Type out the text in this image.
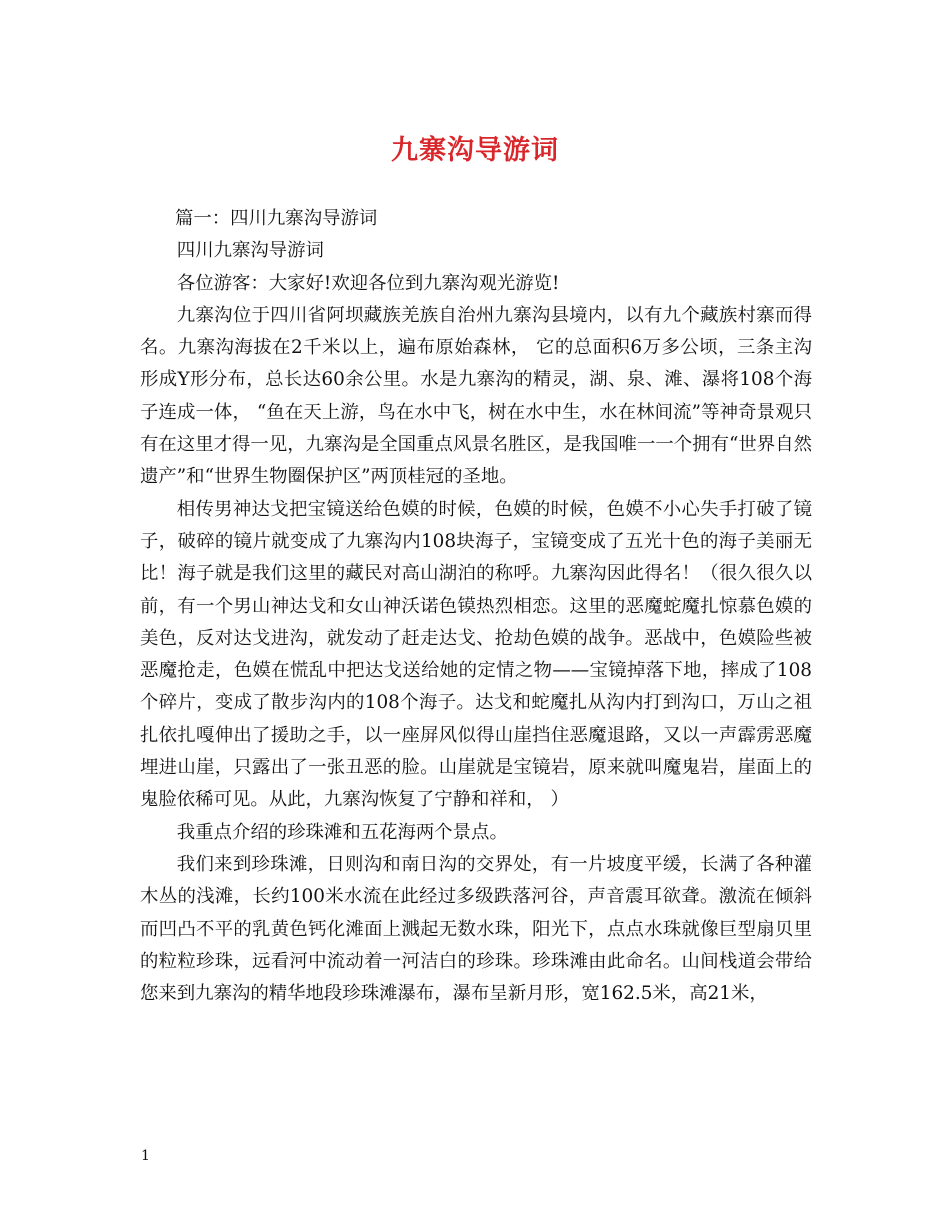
九寨沟导游词

篇一：四川九寨沟导游词

四川九寨沟导游词

各位游客：大家好!欢迎各位到九寨沟观光游览!

九寨沟位于四川省阿坝藏族羌族自治州九寨沟县境内，以有九个藏族村寨而得名。九寨沟海拔在2千米以上，遍布原始森林， 它的总面积6万多公顷，三条主沟形成Y形分布，总长达60余公里。水是九寨沟的精灵，湖、泉、滩、瀑将108个海子连成一体， “鱼在天上游，鸟在水中飞，树在水中生，水在林间流”等神奇景观只有在这里才得一见，九寨沟是全国重点风景名胜区，是我国唯一一个拥有“世界自然遗产”和“世界生物圈保护区”两顶桂冠的圣地。

相传男神达戈把宝镜送给色嫫的时候，色嫫的时候，色嫫不小心失手打破了镜子，破碎的镜片就变成了九寨沟内108块海子，宝镜变成了五光十色的海子美丽无比！海子就是我们这里的藏民对高山湖泊的称呼。九寨沟因此得名！（很久很久以前，有一个男山神达戈和女山神沃诺色镆热烈相恋。这里的恶魔蛇魔扎惊慕色嫫的美色，反对达戈进沟，就发动了赶走达戈、抢劫色嫫的战争。恶战中，色嫫险些被恶魔抢走，色嫫在慌乱中把达戈送给她的定情之物——宝镜掉落下地，摔成了108个碎片，变成了散步沟内的108个海子。达戈和蛇魔扎从沟内打到沟口，万山之祖扎依扎嘎伸出了援助之手，以一座屏风似得山崖挡住恶魔退路，又以一声霹雳恶魔埋进山崖，只露出了一张丑恶的脸。山崖就是宝镜岩，原来就叫魔鬼岩，崖面上的鬼脸依稀可见。从此，九寨沟恢复了宁静和祥和， ）

我重点介绍的珍珠滩和五花海两个景点。

我们来到珍珠滩，日则沟和南日沟的交界处，有一片坡度平缓，长满了各种灌木丛的浅滩，长约100米水流在此经过多级跌落河谷，声音震耳欲聋。激流在倾斜而凹凸不平的乳黄色钙化滩面上溅起无数水珠，阳光下，点点水珠就像巨型扇贝里的粒粒珍珠，远看河中流动着一河洁白的珍珠。珍珠滩由此命名。山间栈道会带给您来到九寨沟的精华地段珍珠滩瀑布，瀑布呈新月形，宽162.5米，高21米，

1
